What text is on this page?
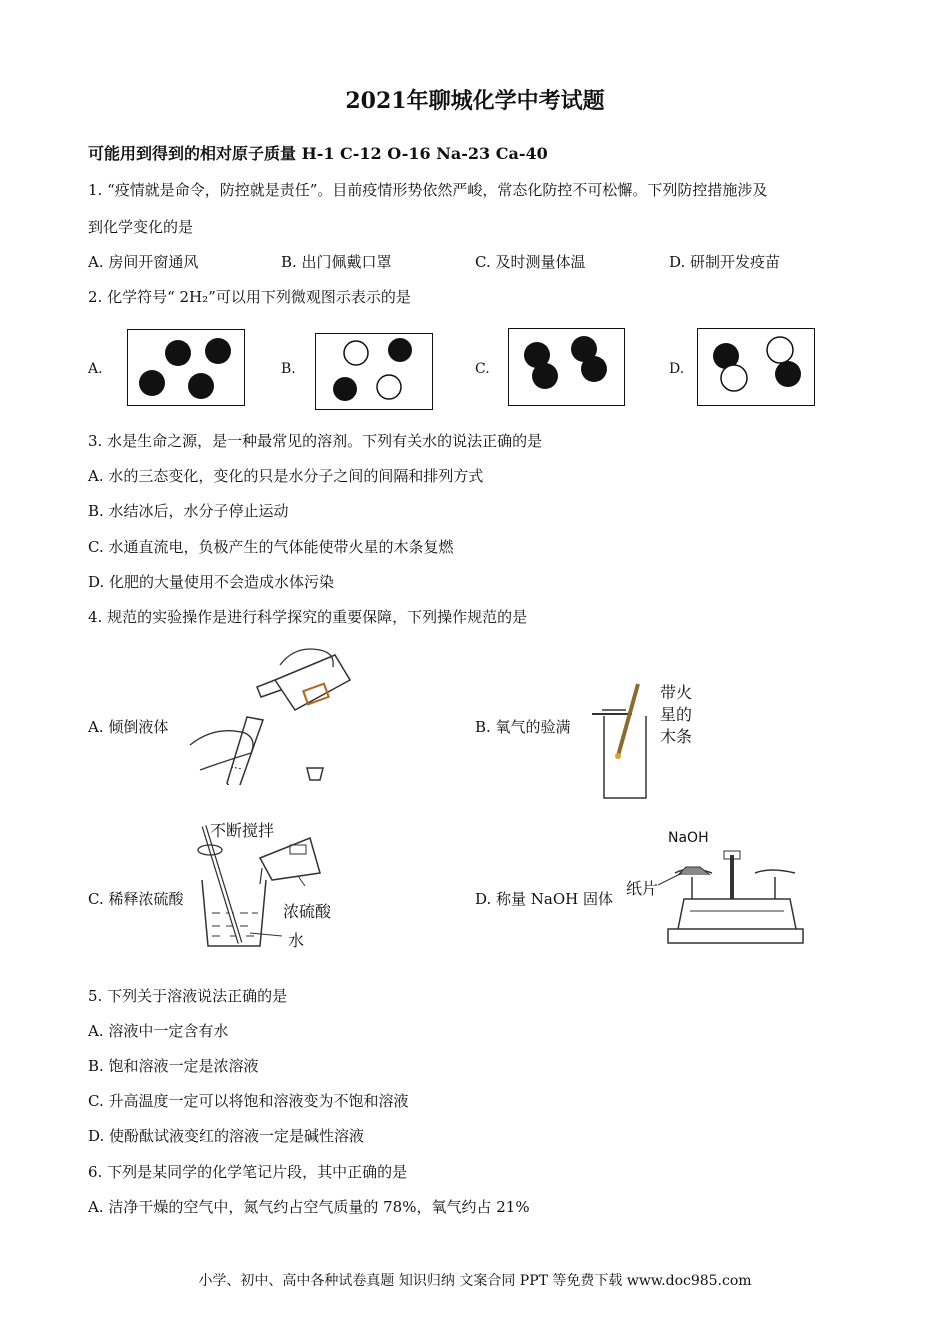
2021年聊城化学中考试题
可能用到得到的相对原子质量 H-1 C-12 O-16 Na-23 Ca-40
1. “疫情就是命令，防控就是责任”。目前疫情形势依然严峻，常态化防控不可松懈。下列防控措施涉及
到化学变化的是
A. 房间开窗通风	B. 出门佩戴口罩	C. 及时测量体温	D. 研制开发疫苗
2. 化学符号“ 2H₂”可以用下列微观图示表示的是
A.	B.	C.	D.
3. 水是生命之源，是一种最常见的溶剂。下列有关水的说法正确的是
A. 水的三态变化，变化的只是水分子之间的间隔和排列方式
B. 水结冰后，水分子停止运动
C. 水通直流电，负极产生的气体能使带火星的木条复燃
D. 化肥的大量使用不会造成水体污染
4. 规范的实验操作是进行科学探究的重要保障，下列操作规范的是
A. 倾倒液体	B. 氧气的验满
带火
星的
木条
C. 稀释浓硫酸
不断搅拌
浓硫酸
水
D. 称量 NaOH 固体
NaOH
纸片
5. 下列关于溶液说法正确的是
A. 溶液中一定含有水
B. 饱和溶液一定是浓溶液
C. 升高温度一定可以将饱和溶液变为不饱和溶液
D. 使酚酞试液变红的溶液一定是碱性溶液
6. 下列是某同学的化学笔记片段，其中正确的是
A. 洁净干燥的空气中，氮气约占空气质量的 78%，氧气约占 21%
小学、初中、高中各种试卷真题 知识归纳 文案合同 PPT 等免费下载 www.doc985.com
